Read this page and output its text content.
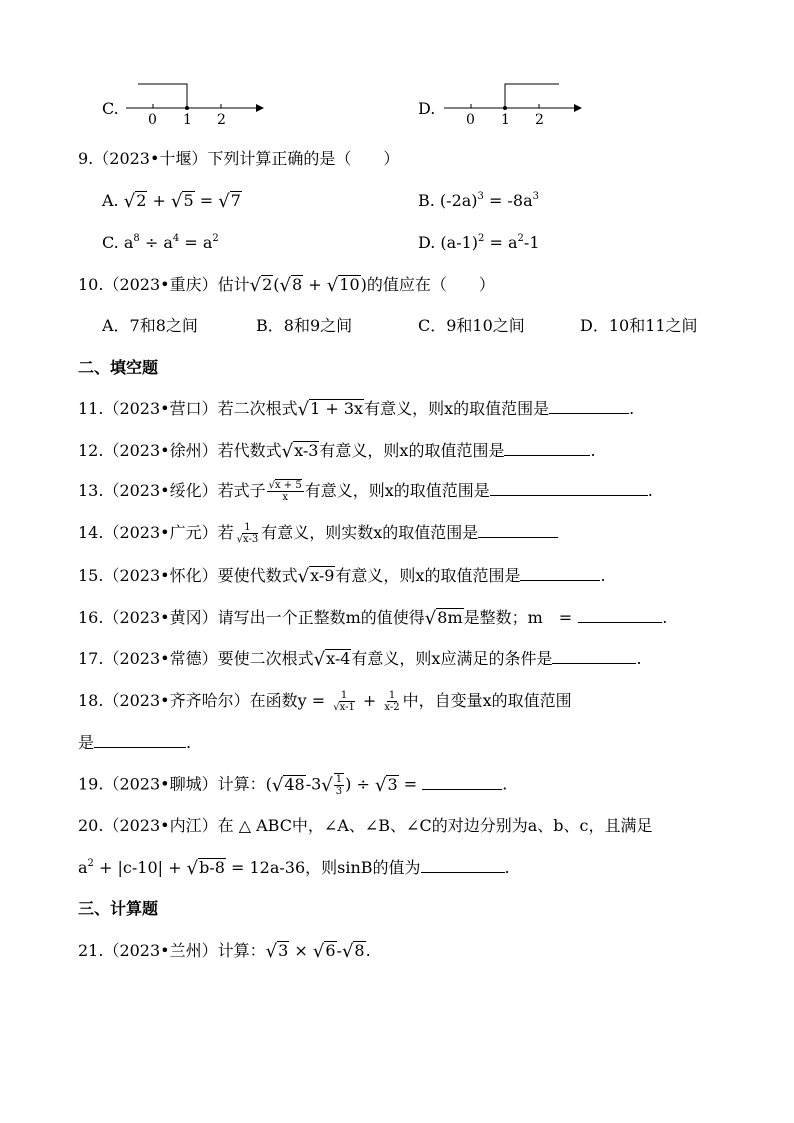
C.
0 1 2
D.
0 1 2
9.（2023•十堰）下列计算正确的是（　　）
A. √2 + √5 = √7	B. $(-2a)^3 = -8a^3$
C. $a^8 \div a^4 = a^2$	D. $(a-1)^2 = a^2-1$
10.（2023•重庆）估计√2(√8 + √10)的值应在（　　）
A．7和8之间	B．8和9之间	C．9和10之间	D．10和11之间
二、填空题
11.（2023•营口）若二次根式√1 + 3x有意义，则x的取值范围是	.
12.（2023•徐州）若代数式√x-3有意义，则x的取值范围是	.
13.（2023•绥化）若式子 $\frac{√x + 5}{x}$ 有意义，则x的取值范围是	.
14.（2023•广元）若 $\frac{1}{√x-3}$ 有意义，则实数x的取值范围是
15.（2023•怀化）要使代数式√x-9有意义，则x的取值范围是	.
16.（2023•黄冈）请写出一个正整数m的值使得√8m是整数；m　=	.
17.（2023•常德）要使二次根式√x-4有意义，则x应满足的条件是	.
18.（2023•齐齐哈尔）在函数$y = \frac{1}{√x-1} + \frac{1}{x-2}$ 中，自变量x的取值范围
是	.
19.（2023•聊城）计算：($√48-3√ \frac{1}{3}$ ) ÷ √3 =	.
20.（2023•内江）在 △ ABC中，∠A、∠B、∠C的对边分别为a、b、c，且满足
$a^2 + |c-10| + √b-8 = 12a-36$，则sinB的值为	.
三、计算题
21.（2023•兰州）计算：√3 × √6-√8.
